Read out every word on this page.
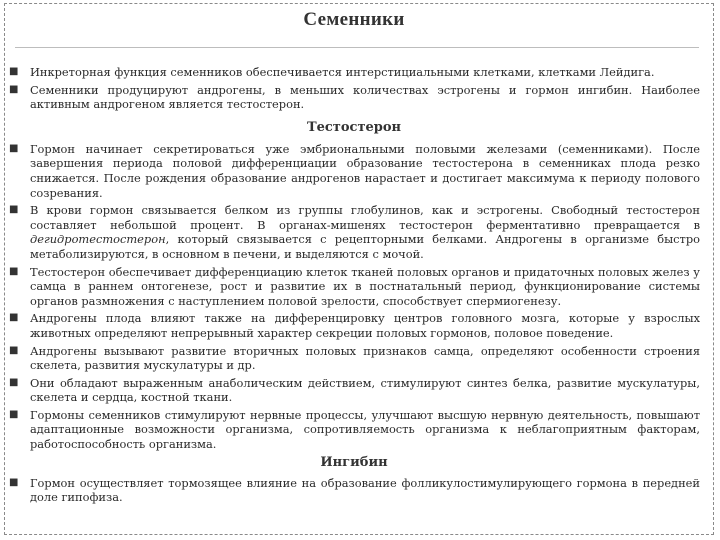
Семенники
■ Инкреторная функция семенников обеспечивается интерстициальными клетками, клетками Лейдига.

■ Семенники продуцируют андрогены, в меньших количествах эстрогены и гормон ингибин. Наиболее активным андрогеном является тестостерон.

Тестостерон
■ Гормон начинает секретироваться уже эмбриональными половыми железами (семенниками). После завершения периода половой дифференциации образование тестостерона в семенниках плода резко снижается. После рождения образование андрогенов нарастает и достигает максимума к периоду полового созревания.

■ В крови гормон связывается белком из группы глобулинов, как и эстрогены. Свободный тестостерон составляет небольшой процент. В органах-мишенях тестостерон ферментативно превращается в дегидротестостерон, который связывается с рецепторными белками. Андрогены в организме быстро метаболизируются, в основном в печени, и выделяются с мочой.

■ Тестостерон обеспечивает дифференциацию клеток тканей половых органов и придаточных половых желез у самца в раннем онтогенезе, рост и развитие их в постнатальный период, функционирование системы органов размножения с наступлением половой зрелости, способствует спермиогенезу.

■ Андрогены плода влияют также на дифференцировку центров головного мозга, которые у взрослых животных определяют непрерывный характер секреции половых гормонов, половое поведение.

■ Андрогены вызывают развитие вторичных половых признаков самца, определяют особенности строения скелета, развития мускулатуры и др.

■ Они обладают выраженным анаболическим действием, стимулируют синтез белка, развитие мускулатуры, скелета и сердца, костной ткани.

■ Гормоны семенников стимулируют нервные процессы, улучшают высшую нервную деятельность, повышают адаптационные возможности организма, сопротивляемость организма к неблагоприятным факторам, работоспособность организма.

Ингибин
■ Гормон осуществляет тормозящее влияние на образование фолликулостимулирующего гормона в передней доле гипофиза.
